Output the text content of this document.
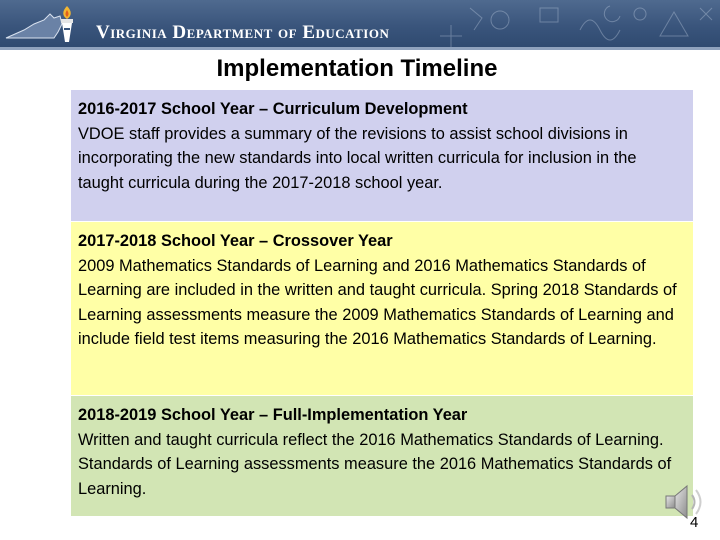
Virginia Department of Education
Implementation Timeline
2016-2017 School Year – Curriculum Development
VDOE staff provides a summary of the revisions to assist school divisions in incorporating the new standards into local written curricula for inclusion in the taught curricula during the 2017-2018 school year.
2017-2018 School Year – Crossover Year
2009 Mathematics Standards of Learning and 2016 Mathematics Standards of Learning are included in the written and taught curricula. Spring 2018 Standards of Learning assessments measure the 2009 Mathematics Standards of Learning and include field test items measuring the 2016 Mathematics Standards of Learning.
2018-2019 School Year – Full-Implementation Year
Written and taught curricula reflect the 2016 Mathematics Standards of Learning. Standards of Learning assessments measure the 2016 Mathematics Standards of Learning.
4
